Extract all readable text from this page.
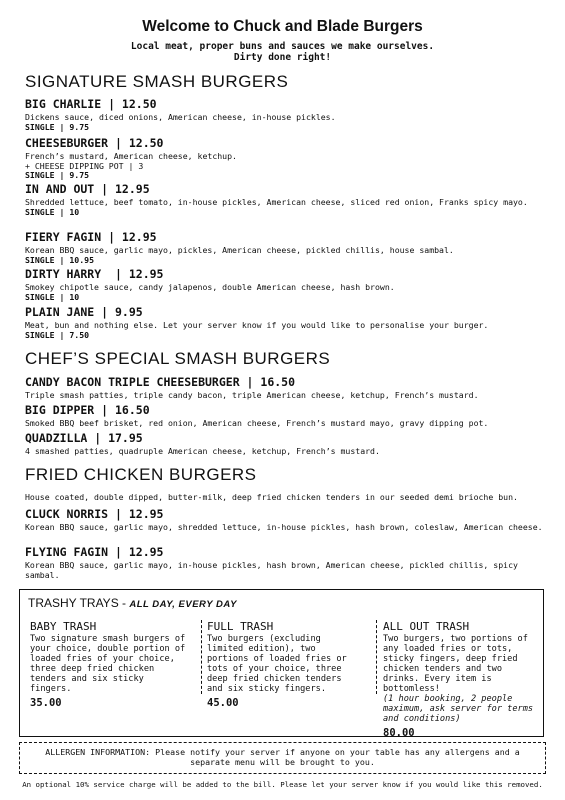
Welcome to Chuck and Blade Burgers
Local meat, proper buns and sauces we make ourselves.
Dirty done right!
SIGNATURE SMASH BURGERS
BIG CHARLIE | 12.50
Dickens sauce, diced onions, American cheese, in-house pickles.
SINGLE | 9.75
CHEESEBURGER | 12.50
French’s mustard, American cheese, ketchup.
+ CHEESE DIPPING POT | 3
SINGLE | 9.75
IN AND OUT | 12.95
Shredded lettuce, beef tomato, in-house pickles, American cheese, sliced red onion, Franks spicy mayo.
SINGLE | 10
FIERY FAGIN | 12.95
Korean BBQ sauce, garlic mayo, pickles, American cheese, pickled chillis, house sambal.
SINGLE | 10.95
DIRTY HARRY  | 12.95
Smokey chipotle sauce, candy jalapenos, double American cheese, hash brown.
SINGLE | 10
PLAIN JANE | 9.95
Meat, bun and nothing else. Let your server know if you would like to personalise your burger.
SINGLE | 7.50
CHEF’S SPECIAL SMASH BURGERS
CANDY BACON TRIPLE CHEESEBURGER | 16.50
Triple smash patties, triple candy bacon, triple American cheese, ketchup, French’s mustard.
BIG DIPPER | 16.50
Smoked BBQ beef brisket, red onion, American cheese, French’s mustard mayo, gravy dipping pot.
QUADZILLA | 17.95
4 smashed patties, quadruple American cheese, ketchup, French’s mustard.
FRIED CHICKEN BURGERS
House coated, double dipped, butter-milk, deep fried chicken tenders in our seeded demi brioche bun.
CLUCK NORRIS | 12.95
Korean BBQ sauce, garlic mayo, shredded lettuce, in-house pickles, hash brown, coleslaw, American cheese.
FLYING FAGIN | 12.95
Korean BBQ sauce, garlic mayo, in-house pickles, hash brown, American cheese, pickled chillis, spicy sambal.
TRASHY TRAYS - ALL DAY, EVERY DAY
BABY TRASH
Two signature smash burgers of your choice, double portion of loaded fries of your choice, three deep fried chicken tenders and six sticky fingers.
35.00
FULL TRASH
Two burgers (excluding limited edition), two portions of loaded fries or tots of your choice, three deep fried chicken tenders and six sticky fingers.
45.00
ALL OUT TRASH
Two burgers, two portions of any loaded fries or tots, sticky fingers, deep fried chicken tenders and two drinks. Every item is bottomless!
(1 hour booking, 2 people maximum, ask server for terms and conditions)
80.00
ALLERGEN INFORMATION: Please notify your server if anyone on your table has any allergens and a
separate menu will be brought to you.
An optional 10% service charge will be added to the bill. Please let your server know if you would like this removed.
